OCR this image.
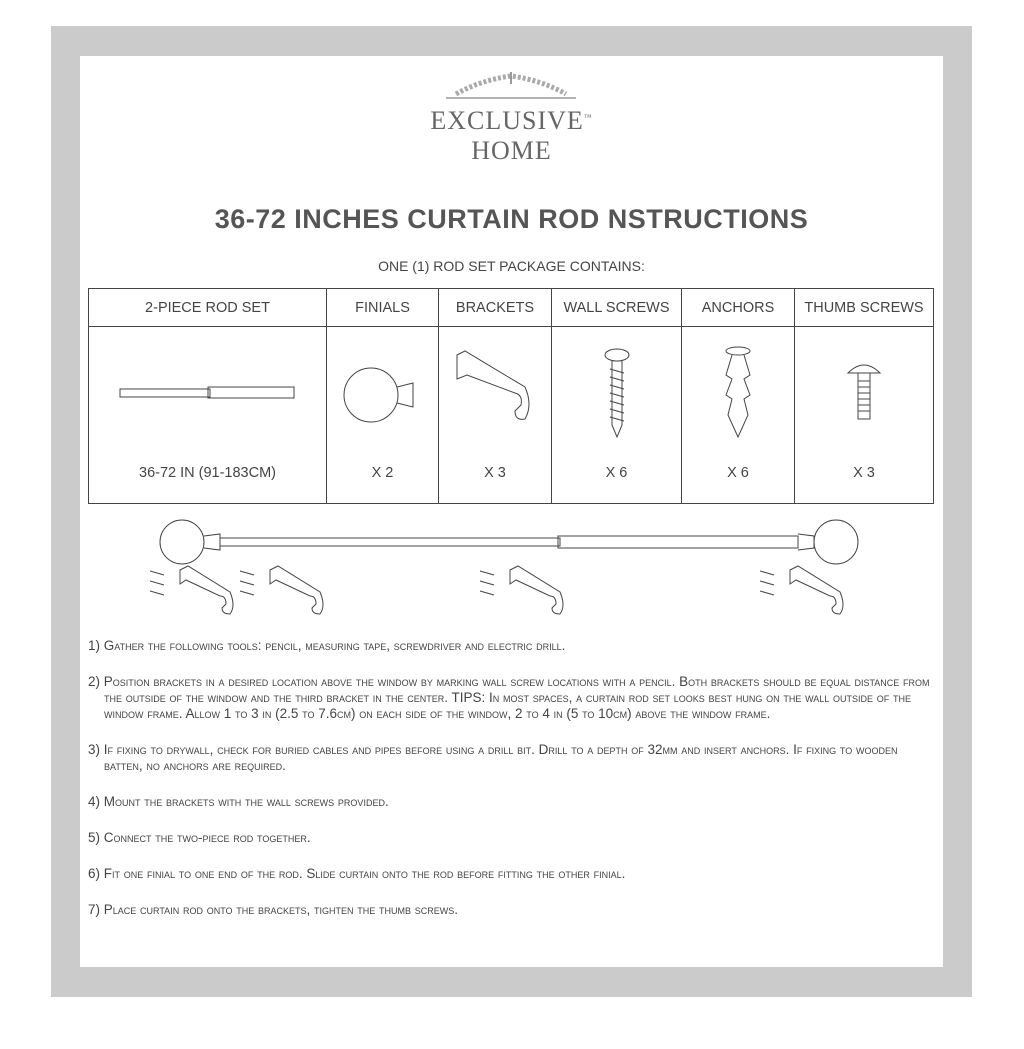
EXCLUSIVE™
HOME
36-72 INCHES CURTAIN ROD NSTRUCTIONS
ONE (1) ROD SET PACKAGE CONTAINS:
2-PIECE ROD SET	FINIALS	BRACKETS	WALL SCREWS	ANCHORS	THUMB SCREWS

36-72 IN (91-183CM)	X 2	X 3	X 6	X 6	X 3

1) Gather the following tools: pencil, measuring tape, screwdriver and electric drill.

2) Position brackets in a desired location above the window by marking wall screw locations with a pencil. Both brackets should be equal distance from the outside of the window and the third bracket in the center. TIPS: In most spaces, a curtain rod set looks best hung on the wall outside of the window frame. Allow 1 to 3 in (2.5 to 7.6cm) on each side of the window, 2 to 4 in (5 to 10cm) above the window frame.

3) If fixing to drywall, check for buried cables and pipes before using a drill bit. Drill to a depth of 32mm and insert anchors. If fixing to wooden batten, no anchors are required.

4) Mount the brackets with the wall screws provided.

5) Connect the two-piece rod together.

6) Fit one finial to one end of the rod. Slide curtain onto the rod before fitting the other finial.

7) Place curtain rod onto the brackets, tighten the thumb screws.
